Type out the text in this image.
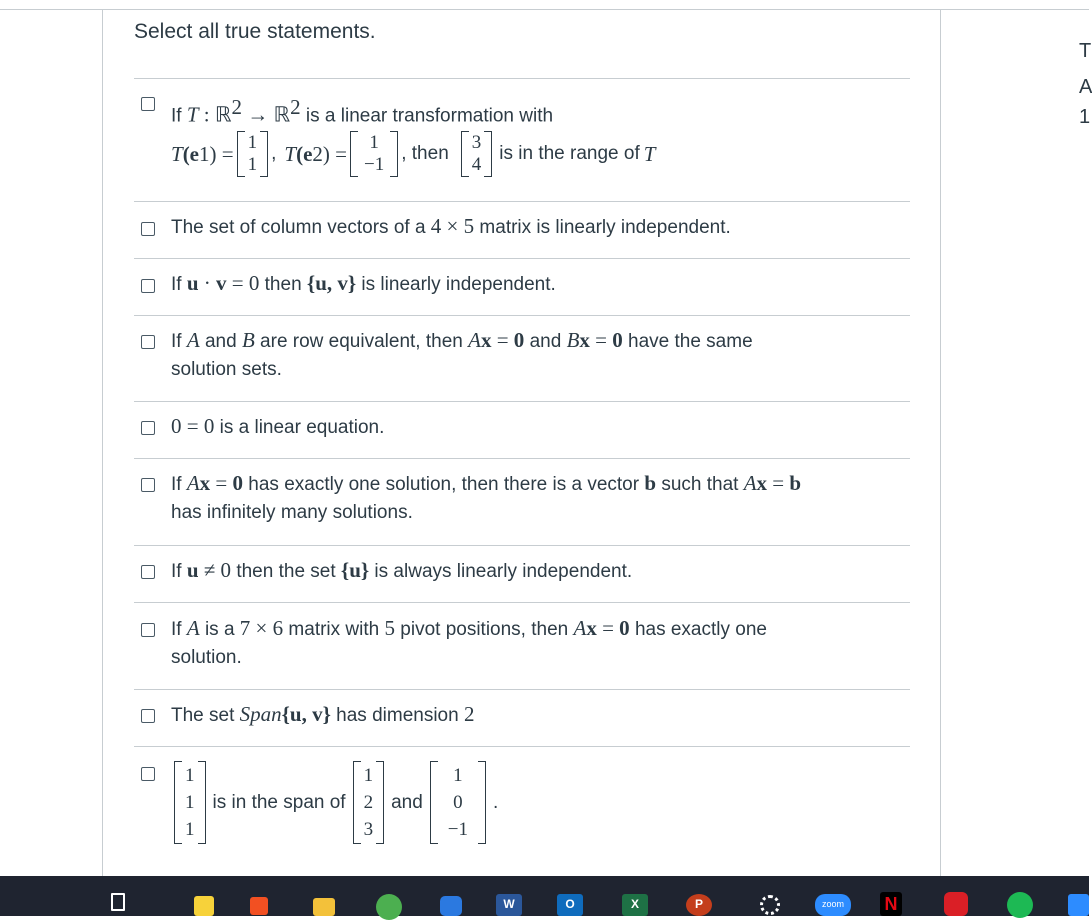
T
A
1
Select all true statements.
If T : ℝ$^2$ → ℝ$^2$ is a linear transformation with
T (e 1 ) = 1
1
, T (e 2 ) = 1
−1
, then
3
4
is in the range of T
The set of column vectors of a 4 × 5 matrix is linearly independent.
If u · v = 0 then {u, v} is linearly independent.
If A and B are row equivalent, then Ax = 0 and Bx = 0 have the same
solution sets.
0 = 0 is a linear equation.
If Ax = 0 has exactly one solution, then there is a vector b such that Ax = b
has infinitely many solutions.
If u ≠ 0 then the set {u} is always linearly independent.
If A is a 7 × 6 matrix with 5 pivot positions, then Ax = 0 has exactly one
solution.
The set Span{u, v} has dimension 2
1
1
1
is in the span of
1
2
3
and
1
0
−1
.
W	O	X	P	zoom	N
